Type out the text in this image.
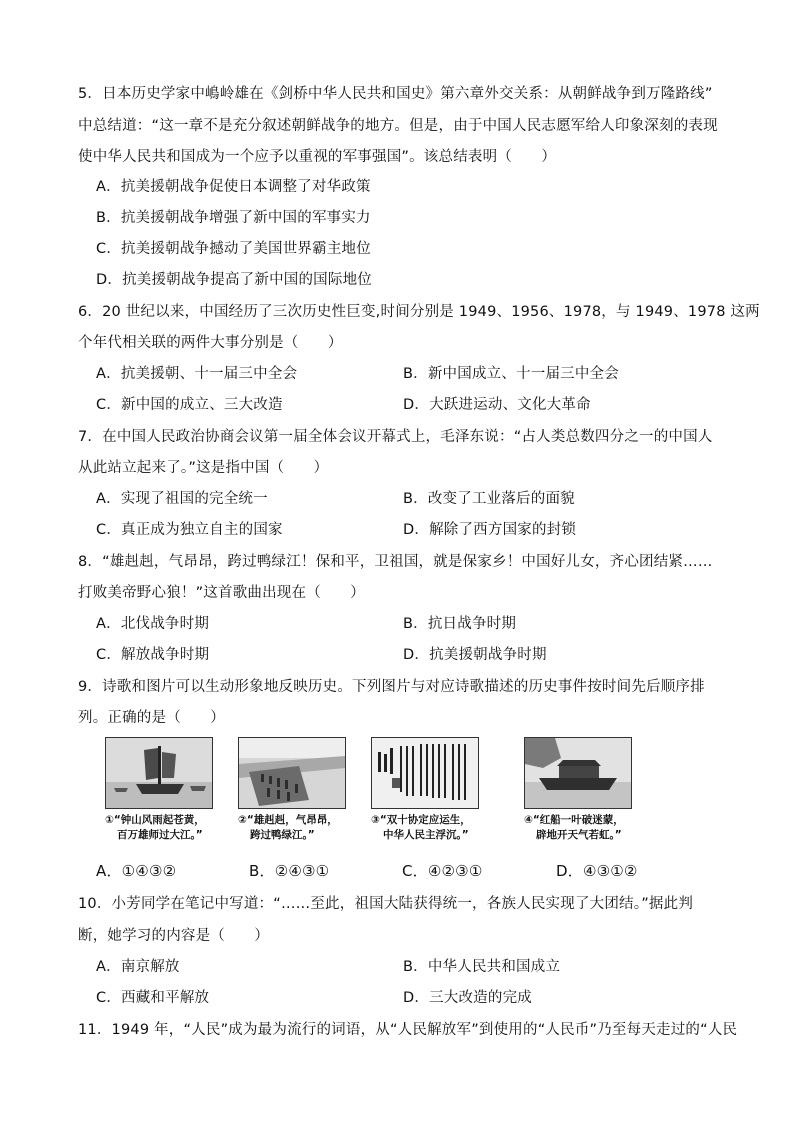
5．日本历史学家中嶋岭雄在《剑桥中华人民共和国史》第六章外交关系：从朝鲜战争到万隆路线”
中总结道：“这一章不是充分叙述朝鲜战争的地方。但是，由于中国人民志愿军给人印象深刻的表现
使中华人民共和国成为一个应予以重视的军事强国”。该总结表明（　　）
A．抗美援朝战争促使日本调整了对华政策
B．抗美援朝战争增强了新中国的军事实力
C．抗美援朝战争撼动了美国世界霸主地位
D．抗美援朝战争提高了新中国的国际地位
6．20 世纪以来，中国经历了三次历史性巨变,时间分别是 1949、1956、1978，与 1949、1978 这两
个年代相关联的两件大事分别是（　　）
A．抗美援朝、十一届三中全会	B．新中国成立、十一届三中全会
C．新中国的成立、三大改造	D．大跃进运动、文化大革命
7．在中国人民政治协商会议第一届全体会议开幕式上，毛泽东说：“占人类总数四分之一的中国人
从此站立起来了。”这是指中国（　　）
A．实现了祖国的完全统一	B．改变了工业落后的面貌
C．真正成为独立自主的国家	D．解除了西方国家的封锁
8．“雄赳赳，气昂昂，跨过鸭绿江！保和平，卫祖国，就是保家乡！中国好儿女，齐心团结紧……
打败美帝野心狼！”这首歌曲出现在（　　）
A．北伐战争时期	B．抗日战争时期
C．解放战争时期	D．抗美援朝战争时期
9．诗歌和图片可以生动形象地反映历史。下列图片与对应诗歌描述的历史事件按时间先后顺序排
列。正确的是（　　）
①“钟山风雨起苍黄，
百万雄师过大江。”
②“雄赳赳，气昂昂，
跨过鸭绿江。”
③“双十协定应运生，
中华人民主浮沉。”
④“红船一叶破迷蒙，
辟地开天气若虹。”
A．①④③②	B．②④③①	C．④②③①	D．④③①②
10．小芳同学在笔记中写道：“……至此，祖国大陆获得统一，各族人民实现了大团结。”据此判
断，她学习的内容是（　　）
A．南京解放	B．中华人民共和国成立
C．西藏和平解放	D．三大改造的完成
11．1949 年，“人民”成为最为流行的词语，从“人民解放军”到使用的“人民币”乃至每天走过的“人民
